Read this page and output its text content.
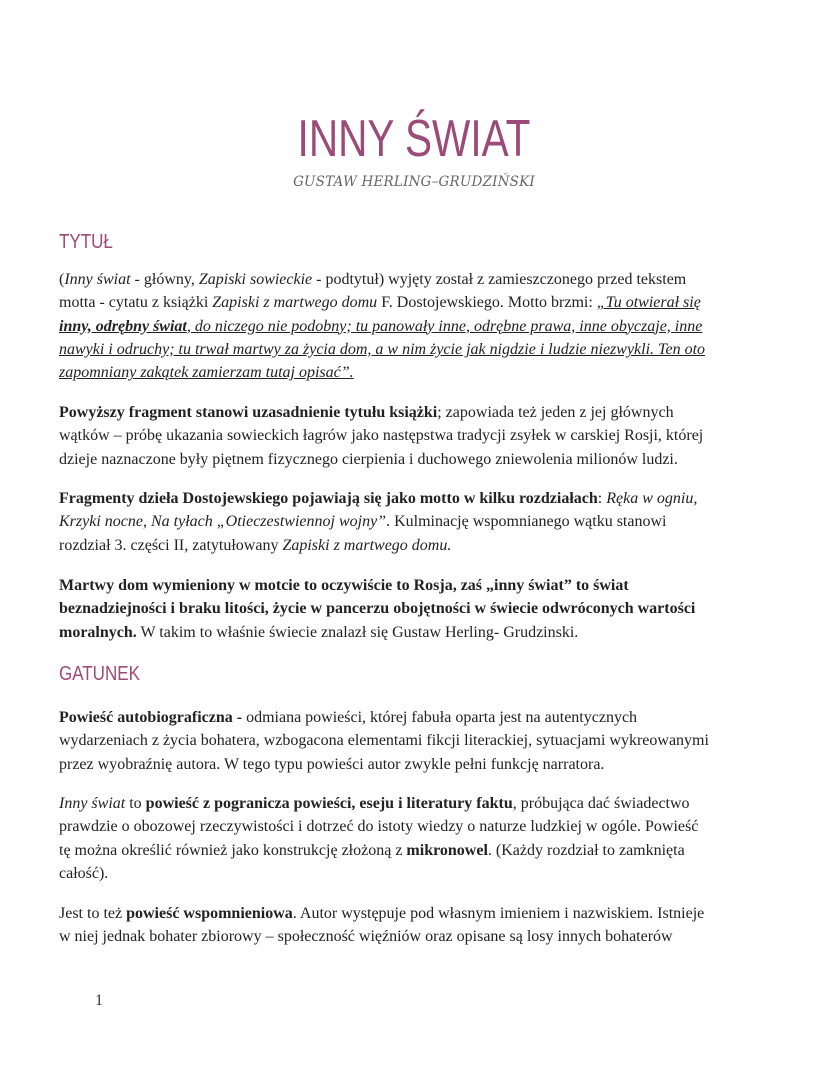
INNY ŚWIAT
GUSTAW HERLING–GRUDZIŃSKI
TYTUŁ
(Inny świat - główny, Zapiski sowieckie - podtytuł) wyjęty został z zamieszczonego przed tekstem
motta - cytatu z książki Zapiski z martwego domu F. Dostojewskiego. Motto brzmi: „Tu otwierał się
inny, odrębny świat, do niczego nie podobny; tu panowały inne, odrębne prawa, inne obyczaje, inne
nawyki i odruchy; tu trwał martwy za życia dom, a w nim życie jak nigdzie i ludzie niezwykli. Ten oto
zapomniany zakątek zamierzam tutaj opisać”.
Powyższy fragment stanowi uzasadnienie tytułu książki; zapowiada też jeden z jej głównych
wątków – próbę ukazania sowieckich łagrów jako następstwa tradycji zsyłek w carskiej Rosji, której
dzieje naznaczone były piętnem fizycznego cierpienia i duchowego zniewolenia milionów ludzi.
Fragmenty dzieła Dostojewskiego pojawiają się jako motto w kilku rozdziałach: Ręka w ogniu,
Krzyki nocne, Na tyłach „Otieczestwiennoj wojny”. Kulminację wspomnianego wątku stanowi
rozdział 3. części II, zatytułowany Zapiski z martwego domu.
Martwy dom wymieniony w motcie to oczywiście to Rosja, zaś „inny świat” to świat
beznadziejności i braku litości, życie w pancerzu obojętności w świecie odwróconych wartości
moralnych. W takim to właśnie świecie znalazł się Gustaw Herling- Grudzinski.
GATUNEK
Powieść autobiograficzna - odmiana powieści, której fabuła oparta jest na autentycznych
wydarzeniach z życia bohatera, wzbogacona elementami fikcji literackiej, sytuacjami wykreowanymi
przez wyobraźnię autora. W tego typu powieści autor zwykle pełni funkcję narratora.
Inny świat to powieść z pogranicza powieści, eseju i literatury faktu, próbująca dać świadectwo
prawdzie o obozowej rzeczywistości i dotrzeć do istoty wiedzy o naturze ludzkiej w ogóle. Powieść
tę można określić również jako konstrukcję złożoną z mikronowel. (Każdy rozdział to zamknięta
całość).
Jest to też powieść wspomnieniowa. Autor występuje pod własnym imieniem i nazwiskiem. Istnieje
w niej jednak bohater zbiorowy – społeczność więźniów oraz opisane są losy innych bohaterów
1
